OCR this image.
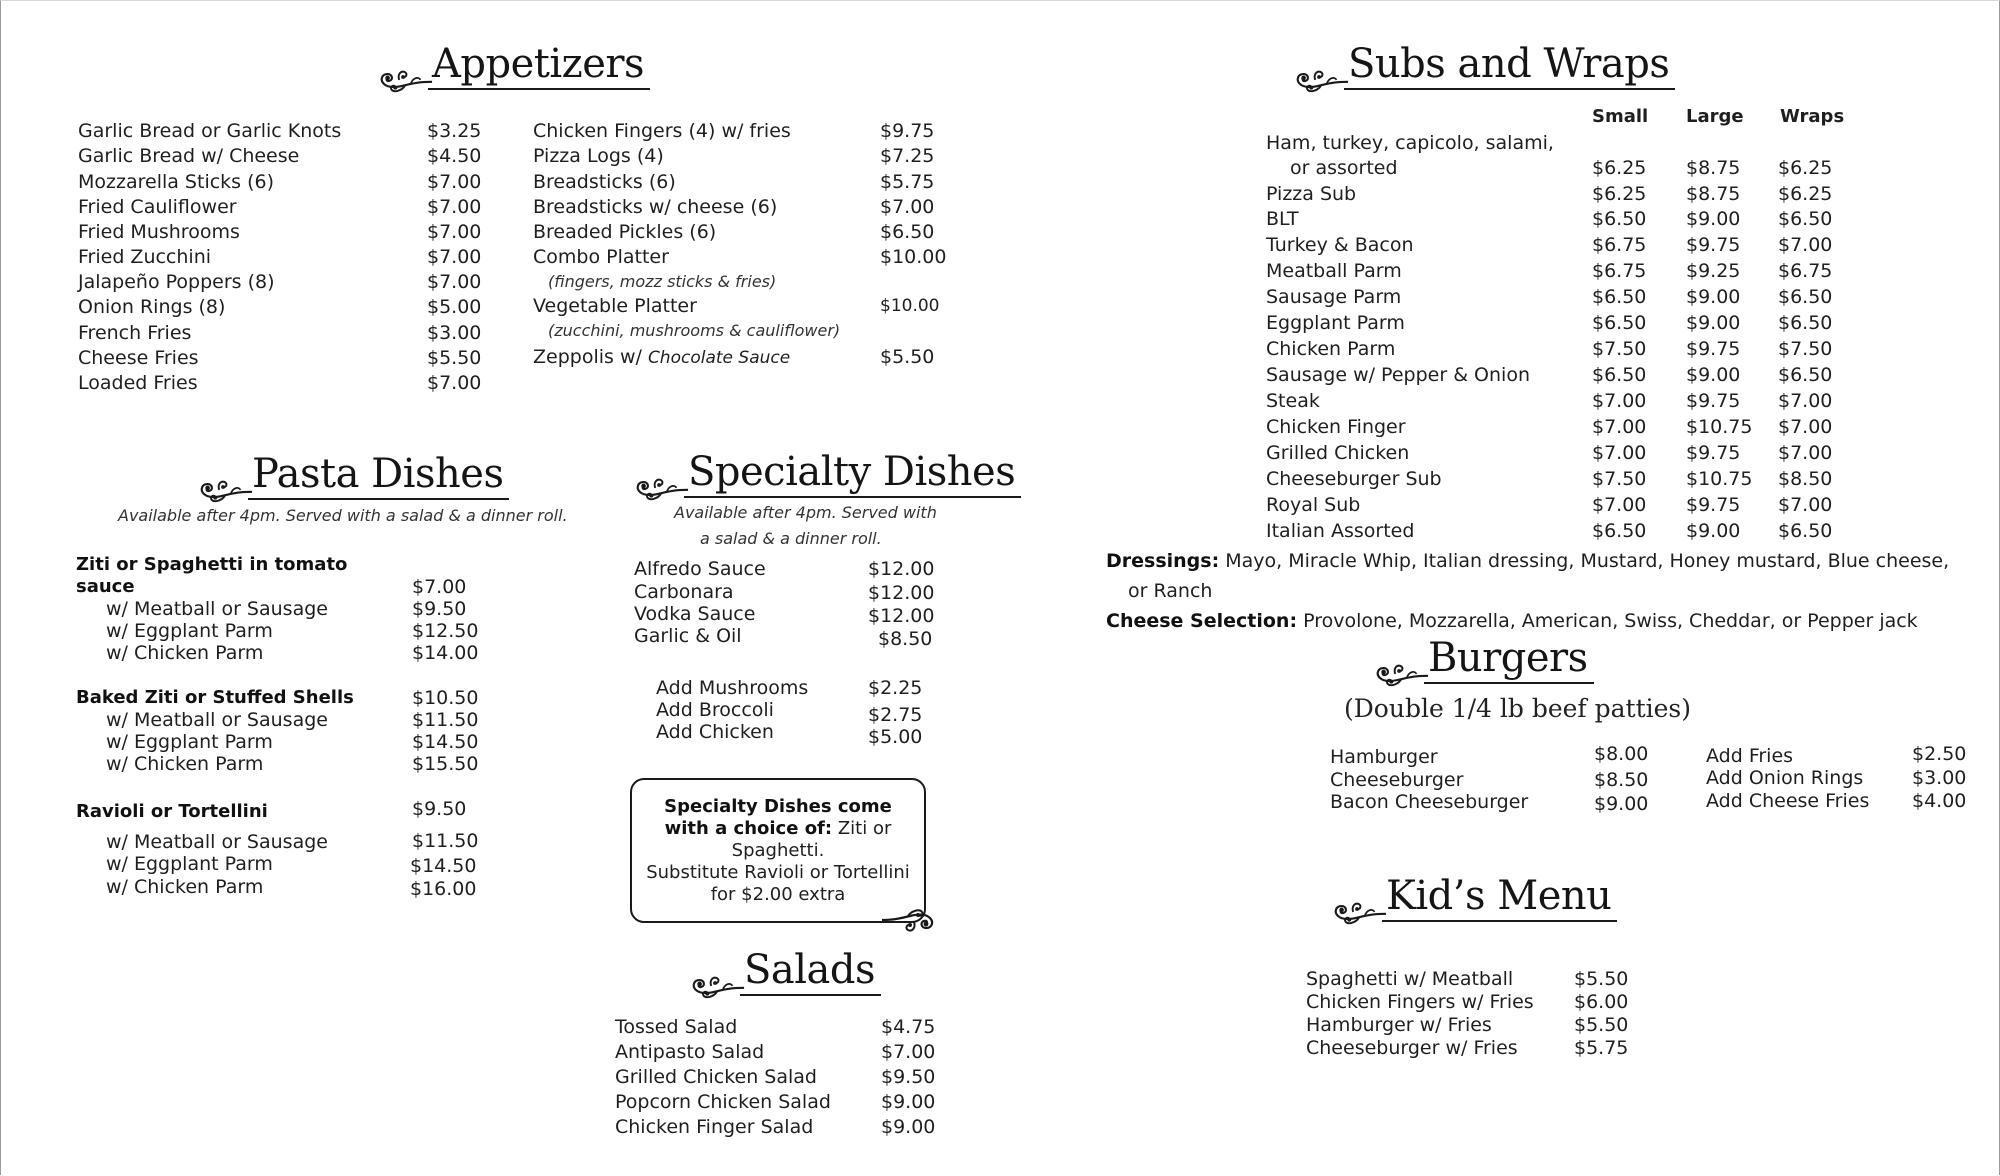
Appetizers
Garlic Bread or Garlic Knots	$3.25
Garlic Bread w/ Cheese	$4.50
Mozzarella Sticks (6)	$7.00
Fried Cauliflower	$7.00
Fried Mushrooms	$7.00
Fried Zucchini	$7.00
Jalapeño Poppers (8)	$7.00
Onion Rings (8)	$5.00
French Fries	$3.00
Cheese Fries	$5.50
Loaded Fries	$7.00
Chicken Fingers (4) w/ fries	$9.75
Pizza Logs (4)	$7.25
Breadsticks (6)	$5.75
Breadsticks w/ cheese (6)	$7.00
Breaded Pickles (6)	$6.50
Combo Platter	$10.00
(fingers, mozz sticks & fries)
Vegetable Platter	$10.00
(zucchini, mushrooms & cauliflower)
Zeppolis w/ Chocolate Sauce	$5.50
Pasta Dishes
Available after 4pm. Served with a salad & a dinner roll.
Ziti or Spaghetti in tomato
sauce	$7.00
w/ Meatball or Sausage	$9.50
w/ Eggplant Parm	$12.50
w/ Chicken Parm	$14.00
Baked Ziti or Stuffed Shells	$10.50
w/ Meatball or Sausage	$11.50
w/ Eggplant Parm	$14.50
w/ Chicken Parm	$15.50
Ravioli or Tortellini	$9.50
w/ Meatball or Sausage	$11.50
w/ Eggplant Parm	$14.50
w/ Chicken Parm	$16.00
Specialty Dishes
Available after 4pm. Served with
a salad & a dinner roll.
Alfredo Sauce	$12.00
Carbonara	$12.00
Vodka Sauce	$12.00
Garlic & Oil	$8.50
Add Mushrooms	$2.25
Add Broccoli	$2.75
Add Chicken	$5.00
Specialty Dishes come with a choice of: Ziti or Spaghetti.
Substitute Ravioli or Tortellini
for $2.00 extra
Salads
Tossed Salad	$4.75
Antipasto Salad	$7.00
Grilled Chicken Salad	$9.50
Popcorn Chicken Salad	$9.00
Chicken Finger Salad	$9.00
Subs and Wraps
Small Large Wraps
Ham, turkey, capicolo, salami,
or assorted	$6.25 $8.75 $6.25
Pizza Sub	$6.25 $8.75 $6.25
BLT	$6.50 $9.00 $6.50
Turkey & Bacon	$6.75 $9.75 $7.00
Meatball Parm	$6.75 $9.25 $6.75
Sausage Parm	$6.50 $9.00 $6.50
Eggplant Parm	$6.50 $9.00 $6.50
Chicken Parm	$7.50 $9.75 $7.50
Sausage w/ Pepper & Onion	$6.50 $9.00 $6.50
Steak	$7.00 $9.75 $7.00
Chicken Finger	$7.00 $10.75 $7.00
Grilled Chicken	$7.00 $9.75 $7.00
Cheeseburger Sub	$7.50 $10.75 $8.50
Royal Sub	$7.00 $9.75 $7.00
Italian Assorted	$6.50 $9.00 $6.50
Dressings: Mayo, Miracle Whip, Italian dressing, Mustard, Honey mustard, Blue cheese,
or Ranch
Cheese Selection: Provolone, Mozzarella, American, Swiss, Cheddar, or Pepper jack
Burgers
(Double 1/4 lb beef patties)
Hamburger	$8.00
Cheeseburger	$8.50
Bacon Cheeseburger	$9.00
Add Fries	$2.50
Add Onion Rings	$3.00
Add Cheese Fries $4.00
Kid’s Menu
Spaghetti w/ Meatball	$5.50
Chicken Fingers w/ Fries $6.00
Hamburger w/ Fries	$5.50
Cheeseburger w/ Fries	$5.75
